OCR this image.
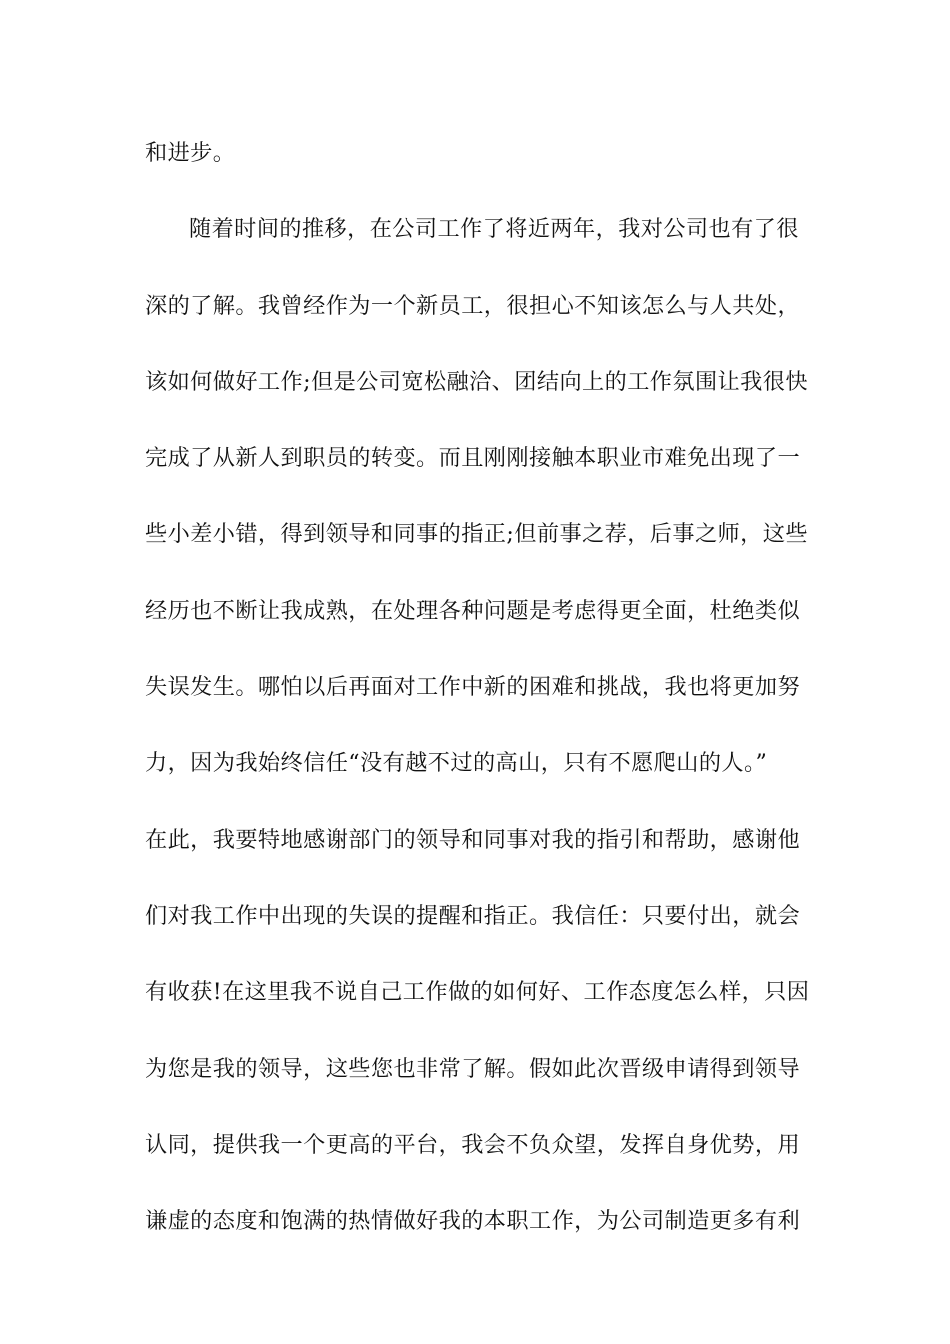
和进步。
随着时间的推移，在公司工作了将近两年，我对公司也有了很
深的了解。我曾经作为一个新员工，很担心不知该怎么与人共处，
该如何做好工作;但是公司宽松融洽、团结向上的工作氛围让我很快
完成了从新人到职员的转变。而且刚刚接触本职业市难免出现了一
些小差小错，得到领导和同事的指正;但前事之荐，后事之师，这些
经历也不断让我成熟，在处理各种问题是考虑得更全面，杜绝类似
失误发生。哪怕以后再面对工作中新的困难和挑战，我也将更加努
力，因为我始终信任“没有越不过的高山，只有不愿爬山的人。”
在此，我要特地感谢部门的领导和同事对我的指引和帮助，感谢他
们对我工作中出现的失误的提醒和指正。我信任：只要付出，就会
有收获!在这里我不说自己工作做的如何好、工作态度怎么样，只因
为您是我的领导，这些您也非常了解。假如此次晋级申请得到领导
认同，提供我一个更高的平台，我会不负众望，发挥自身优势，用
谦虚的态度和饱满的热情做好我的本职工作，为公司制造更多有利
